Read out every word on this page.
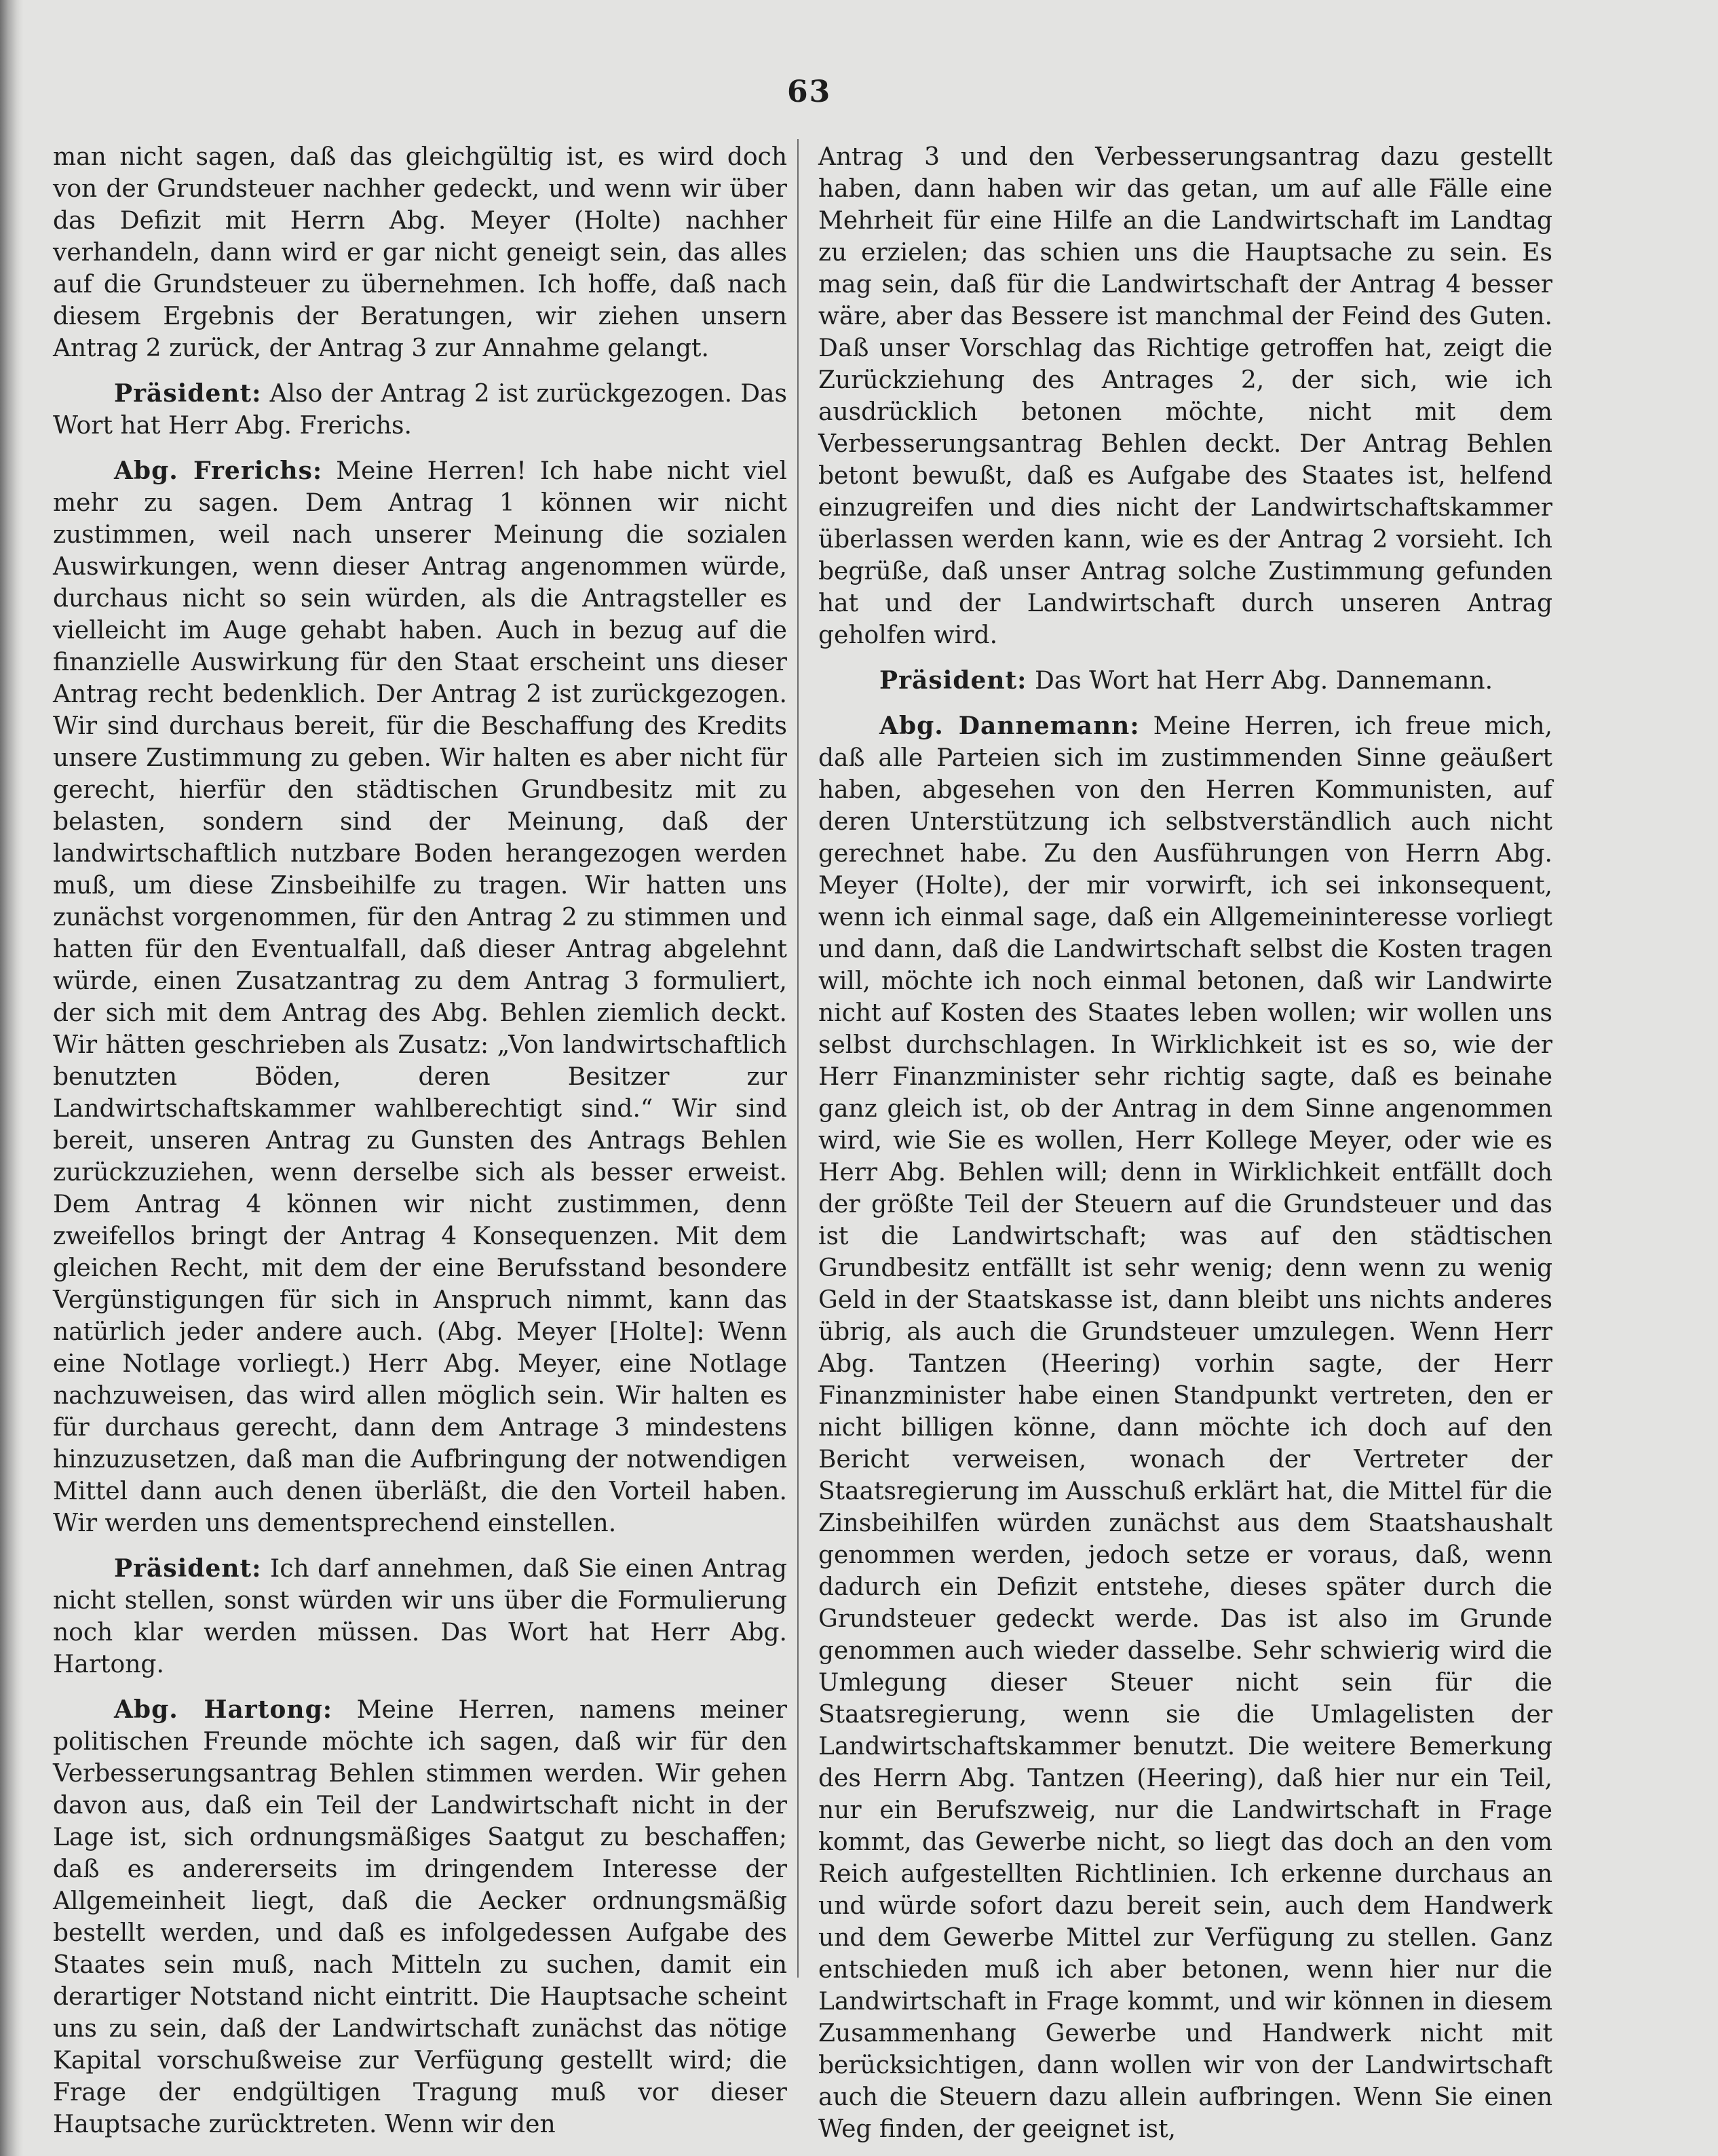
63

man nicht sagen, daß das gleichgültig ist, es wird doch von der Grundsteuer nachher gedeckt, und wenn wir über das Defizit mit Herrn Abg. Meyer (Holte) nachher verhandeln, dann wird er gar nicht geneigt sein, das alles auf die Grundsteuer zu übernehmen. Ich hoffe, daß nach diesem Ergebnis der Beratungen, wir ziehen unsern Antrag 2 zurück, der Antrag 3 zur Annahme gelangt.

Präsident: Also der Antrag 2 ist zurückgezogen. Das Wort hat Herr Abg. Frerichs.

Abg. Frerichs: Meine Herren! Ich habe nicht viel mehr zu sagen. Dem Antrag 1 können wir nicht zustimmen, weil nach unserer Meinung die sozialen Auswirkungen, wenn dieser Antrag angenommen würde, durchaus nicht so sein würden, als die Antragsteller es vielleicht im Auge gehabt haben. Auch in bezug auf die finanzielle Auswirkung für den Staat erscheint uns dieser Antrag recht bedenklich. Der Antrag 2 ist zurückgezogen. Wir sind durchaus bereit, für die Beschaffung des Kredits unsere Zustimmung zu geben. Wir halten es aber nicht für gerecht, hierfür den städtischen Grundbesitz mit zu belasten, sondern sind der Meinung, daß der landwirtschaftlich nutzbare Boden herangezogen werden muß, um diese Zinsbeihilfe zu tragen. Wir hatten uns zunächst vorgenommen, für den Antrag 2 zu stimmen und hatten für den Eventualfall, daß dieser Antrag abgelehnt würde, einen Zusatzantrag zu dem Antrag 3 formuliert, der sich mit dem Antrag des Abg. Behlen ziemlich deckt. Wir hätten geschrieben als Zusatz: „Von landwirtschaftlich benutzten Böden, deren Besitzer zur Landwirtschaftskammer wahlberechtigt sind.“ Wir sind bereit, unseren Antrag zu Gunsten des Antrags Behlen zurückzuziehen, wenn derselbe sich als besser erweist. Dem Antrag 4 können wir nicht zustimmen, denn zweifellos bringt der Antrag 4 Konsequenzen. Mit dem gleichen Recht, mit dem der eine Berufsstand besondere Vergünstigungen für sich in Anspruch nimmt, kann das natürlich jeder andere auch. (Abg. Meyer [Holte]: Wenn eine Notlage vorliegt.) Herr Abg. Meyer, eine Notlage nachzuweisen, das wird allen möglich sein. Wir halten es für durchaus gerecht, dann dem Antrage 3 mindestens hinzuzusetzen, daß man die Aufbringung der notwendigen Mittel dann auch denen überläßt, die den Vorteil haben. Wir werden uns dementsprechend einstellen.

Präsident: Ich darf annehmen, daß Sie einen Antrag nicht stellen, sonst würden wir uns über die Formulierung noch klar werden müssen. Das Wort hat Herr Abg. Hartong.

Abg. Hartong: Meine Herren, namens meiner politischen Freunde möchte ich sagen, daß wir für den Verbesserungsantrag Behlen stimmen werden. Wir gehen davon aus, daß ein Teil der Landwirtschaft nicht in der Lage ist, sich ordnungsmäßiges Saatgut zu beschaffen; daß es andererseits im dringendem Interesse der Allgemeinheit liegt, daß die Aecker ordnungsmäßig bestellt werden, und daß es infolgedessen Aufgabe des Staates sein muß, nach Mitteln zu suchen, damit ein derartiger Notstand nicht eintritt. Die Hauptsache scheint uns zu sein, daß der Landwirtschaft zunächst das nötige Kapital vorschußweise zur Verfügung gestellt wird; die Frage der endgültigen Tragung muß vor dieser Hauptsache zurücktreten. Wenn wir den

Antrag 3 und den Verbesserungsantrag dazu gestellt haben, dann haben wir das getan, um auf alle Fälle eine Mehrheit für eine Hilfe an die Landwirtschaft im Landtag zu erzielen; das schien uns die Hauptsache zu sein. Es mag sein, daß für die Landwirtschaft der Antrag 4 besser wäre, aber das Bessere ist manchmal der Feind des Guten. Daß unser Vorschlag das Richtige getroffen hat, zeigt die Zurückziehung des Antrages 2, der sich, wie ich ausdrücklich betonen möchte, nicht mit dem Verbesserungsantrag Behlen deckt. Der Antrag Behlen betont bewußt, daß es Aufgabe des Staates ist, helfend einzugreifen und dies nicht der Landwirtschaftskammer überlassen werden kann, wie es der Antrag 2 vorsieht. Ich begrüße, daß unser Antrag solche Zustimmung gefunden hat und der Landwirtschaft durch unseren Antrag geholfen wird.

Präsident: Das Wort hat Herr Abg. Dannemann.

Abg. Dannemann: Meine Herren, ich freue mich, daß alle Parteien sich im zustimmenden Sinne geäußert haben, abgesehen von den Herren Kommunisten, auf deren Unterstützung ich selbstverständlich auch nicht gerechnet habe. Zu den Ausführungen von Herrn Abg. Meyer (Holte), der mir vorwirft, ich sei inkonsequent, wenn ich einmal sage, daß ein Allgemeininteresse vorliegt und dann, daß die Landwirtschaft selbst die Kosten tragen will, möchte ich noch einmal betonen, daß wir Landwirte nicht auf Kosten des Staates leben wollen; wir wollen uns selbst durchschlagen. In Wirklichkeit ist es so, wie der Herr Finanzminister sehr richtig sagte, daß es beinahe ganz gleich ist, ob der Antrag in dem Sinne angenommen wird, wie Sie es wollen, Herr Kollege Meyer, oder wie es Herr Abg. Behlen will; denn in Wirklichkeit entfällt doch der größte Teil der Steuern auf die Grundsteuer und das ist die Landwirtschaft; was auf den städtischen Grundbesitz entfällt ist sehr wenig; denn wenn zu wenig Geld in der Staatskasse ist, dann bleibt uns nichts anderes übrig, als auch die Grundsteuer umzulegen. Wenn Herr Abg. Tantzen (Heering) vorhin sagte, der Herr Finanzminister habe einen Standpunkt vertreten, den er nicht billigen könne, dann möchte ich doch auf den Bericht verweisen, wonach der Vertreter der Staatsregierung im Ausschuß erklärt hat, die Mittel für die Zinsbeihilfen würden zunächst aus dem Staatshaushalt genommen werden, jedoch setze er voraus, daß, wenn dadurch ein Defizit entstehe, dieses später durch die Grundsteuer gedeckt werde. Das ist also im Grunde genommen auch wieder dasselbe. Sehr schwierig wird die Umlegung dieser Steuer nicht sein für die Staatsregierung, wenn sie die Umlagelisten der Landwirtschaftskammer benutzt. Die weitere Bemerkung des Herrn Abg. Tantzen (Heering), daß hier nur ein Teil, nur ein Berufszweig, nur die Landwirtschaft in Frage kommt, das Gewerbe nicht, so liegt das doch an den vom Reich aufgestellten Richtlinien. Ich erkenne durchaus an und würde sofort dazu bereit sein, auch dem Handwerk und dem Gewerbe Mittel zur Verfügung zu stellen. Ganz entschieden muß ich aber betonen, wenn hier nur die Landwirtschaft in Frage kommt, und wir können in diesem Zusammenhang Gewerbe und Handwerk nicht mit berücksichtigen, dann wollen wir von der Landwirtschaft auch die Steuern dazu allein aufbringen. Wenn Sie einen Weg finden, der geeignet ist,
